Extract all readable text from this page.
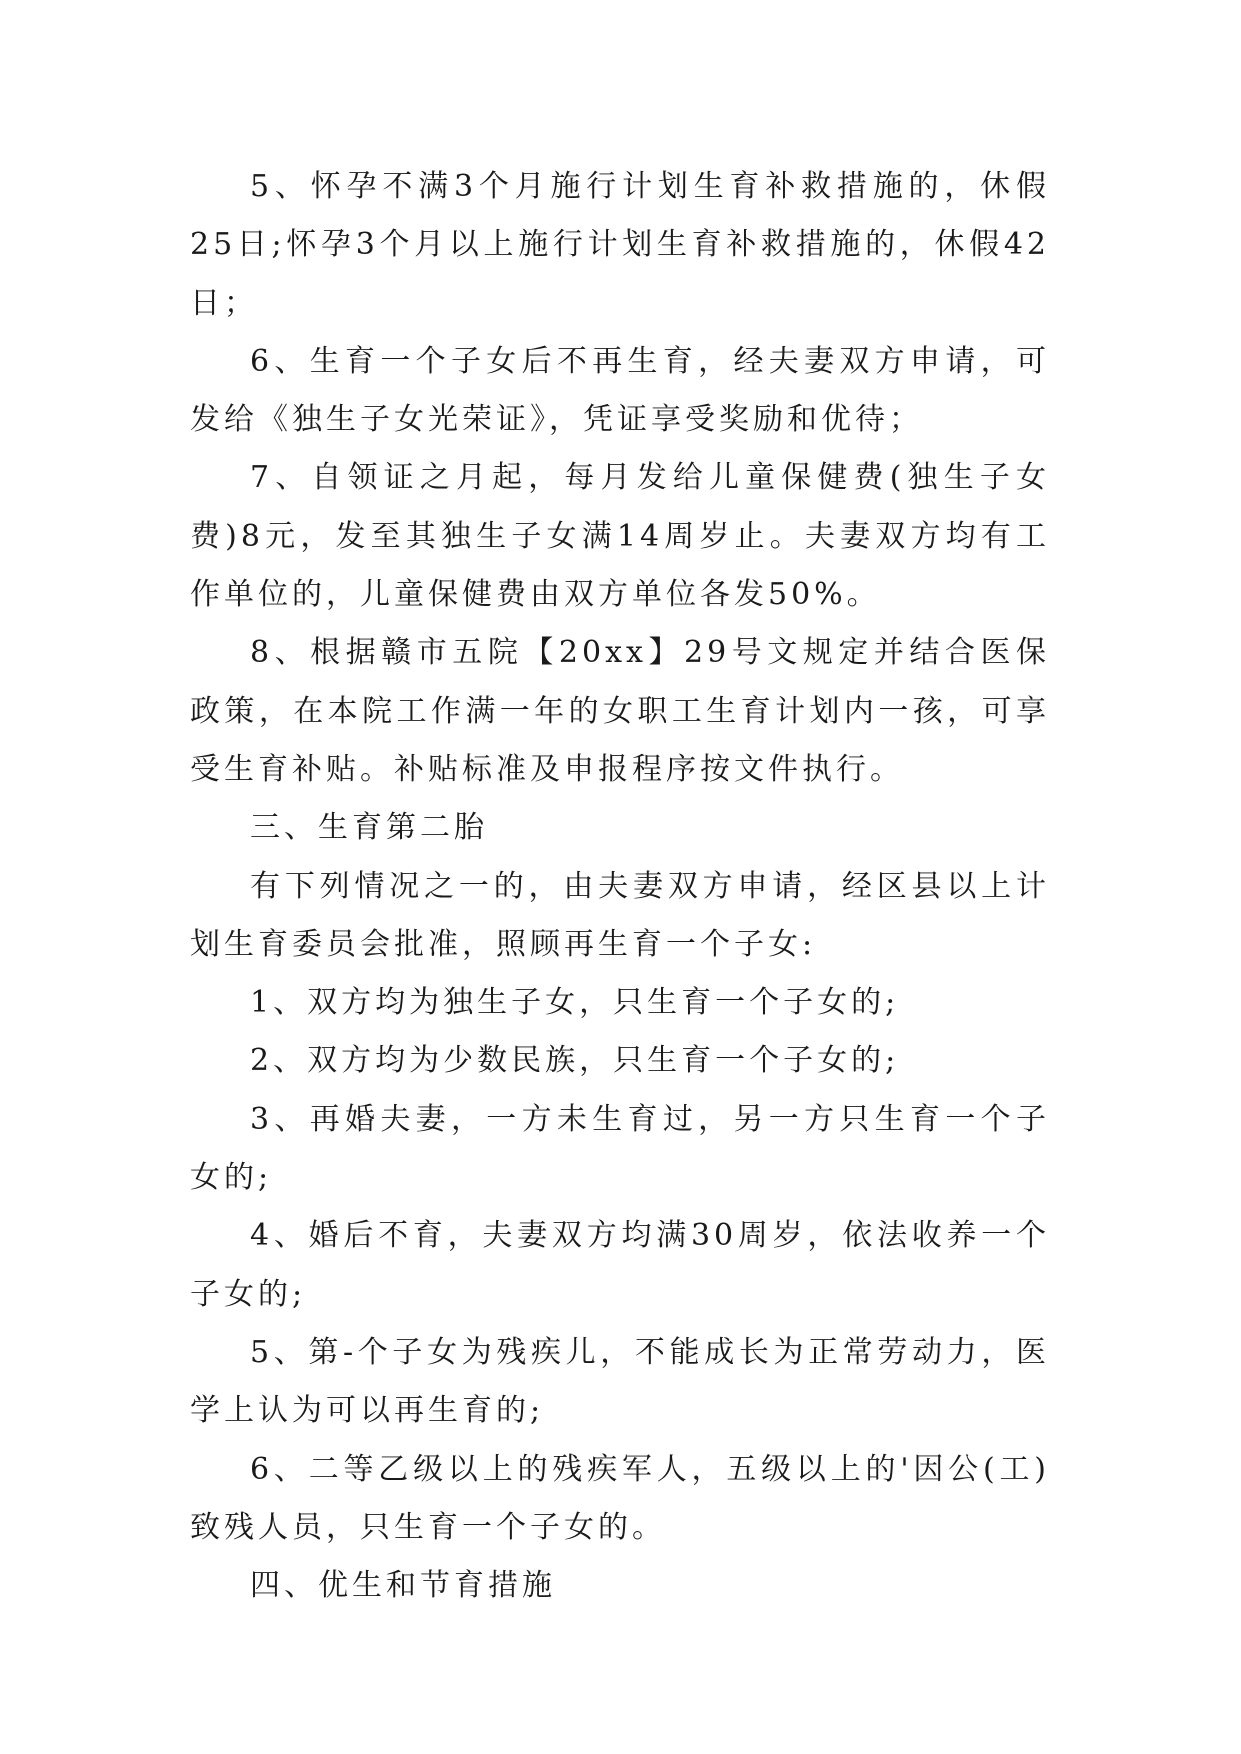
5、怀孕不满3个月施行计划生育补救措施的，休假25日;怀孕3个月以上施行计划生育补救措施的，休假42日；

6、生育一个子女后不再生育，经夫妻双方申请，可发给《独生子女光荣证》，凭证享受奖励和优待；

7、自领证之月起，每月发给儿童保健费(独生子女费)8元，发至其独生子女满14周岁止。夫妻双方均有工作单位的，儿童保健费由双方单位各发50%。

8、根据赣市五院【20xx】29号文规定并结合医保政策，在本院工作满一年的女职工生育计划内一孩，可享受生育补贴。补贴标准及申报程序按文件执行。

三、生育第二胎

有下列情况之一的，由夫妻双方申请，经区县以上计划生育委员会批准，照顾再生育一个子女:

1、双方均为独生子女，只生育一个子女的;

2、双方均为少数民族，只生育一个子女的;

3、再婚夫妻，一方未生育过，另一方只生育一个子女的;

4、婚后不育，夫妻双方均满30周岁，依法收养一个子女的;

5、第-个子女为残疾儿，不能成长为正常劳动力，医学上认为可以再生育的;

6、二等乙级以上的残疾军人，五级以上的'因公(工)致残人员，只生育一个子女的。

四、优生和节育措施
